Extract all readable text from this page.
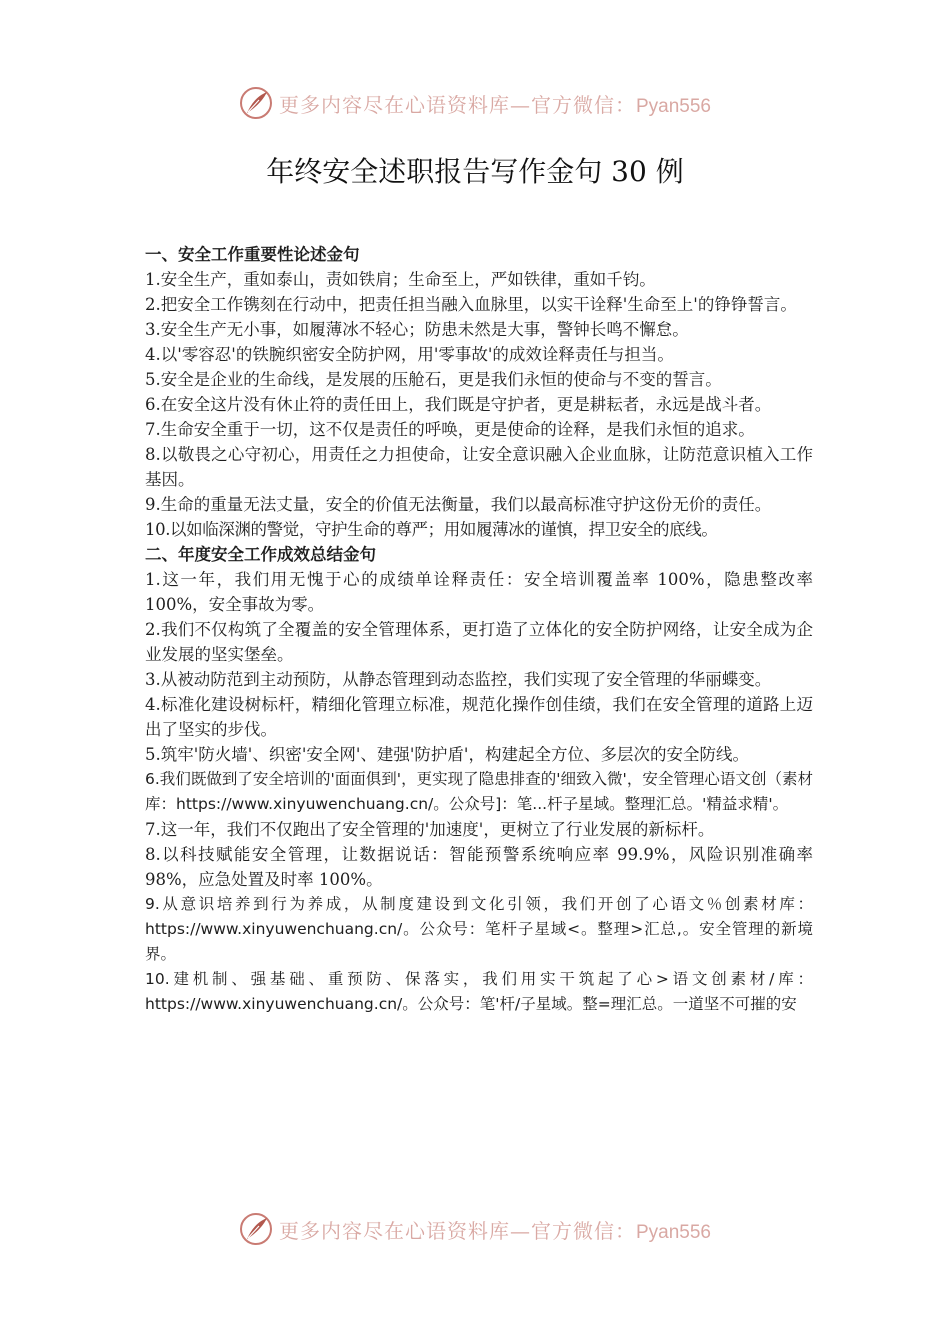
更多内容尽在心语资料库—官方微信：Pyan556
年终安全述职报告写作金句 30 例

一、安全工作重要性论述金句

1.安全生产，重如泰山，责如铁肩；生命至上，严如铁律，重如千钧。

2.把安全工作镌刻在行动中，把责任担当融入血脉里，以实干诠释'生命至上'的铮铮誓言。

3.安全生产无小事，如履薄冰不轻心；防患未然是大事，警钟长鸣不懈怠。

4.以'零容忍'的铁腕织密安全防护网，用'零事故'的成效诠释责任与担当。

5.安全是企业的生命线，是发展的压舱石，更是我们永恒的使命与不变的誓言。

6.在安全这片没有休止符的责任田上，我们既是守护者，更是耕耘者，永远是战斗者。

7.生命安全重于一切，这不仅是责任的呼唤，更是使命的诠释，是我们永恒的追求。

8.以敬畏之心守初心，用责任之力担使命，让安全意识融入企业血脉，让防范意识植入工作基因。

9.生命的重量无法丈量，安全的价值无法衡量，我们以最高标准守护这份无价的责任。

10.以如临深渊的警觉，守护生命的尊严；用如履薄冰的谨慎，捍卫安全的底线。

二、年度安全工作成效总结金句

1.这一年，我们用无愧于心的成绩单诠释责任：安全培训覆盖率 100%，隐患整改率 100%，安全事故为零。

2.我们不仅构筑了全覆盖的安全管理体系，更打造了立体化的安全防护网络，让安全成为企业发展的坚实堡垒。

3.从被动防范到主动预防，从静态管理到动态监控，我们实现了安全管理的华丽蝶变。

4.标准化建设树标杆，精细化管理立标准，规范化操作创佳绩，我们在安全管理的道路上迈出了坚实的步伐。

5.筑牢'防火墙'、织密'安全网'、建强'防护盾'，构建起全方位、多层次的安全防线。

6.我们既做到了安全培训的'面面俱到'，更实现了隐患排查的'细致入微'，安全管理心语文创（素材库：https://www.xinyuwenchuang.cn/。公众号]：笔...杆子星域。整理汇总。'精益求精'。

7.这一年，我们不仅跑出了安全管理的'加速度'，更树立了行业发展的新标杆。

8.以科技赋能安全管理，让数据说话：智能预警系统响应率 99.9%，风险识别准确率 98%，应急处置及时率 100%。

9.从意识培养到行为养成，从制度建设到文化引领，我们开创了心语文％创素材库：https://www.xinyuwenchuang.cn/。公众号：笔杆子星域<。整理>汇总,。安全管理的新境界。

10.建机制、强基础、重预防、保落实，我们用实干筑起了心>语文创素材/库：https://www.xinyuwenchuang.cn/。公众号：笔'杆/子星域。整=理汇总。一道坚不可摧的安

更多内容尽在心语资料库—官方微信：Pyan556
